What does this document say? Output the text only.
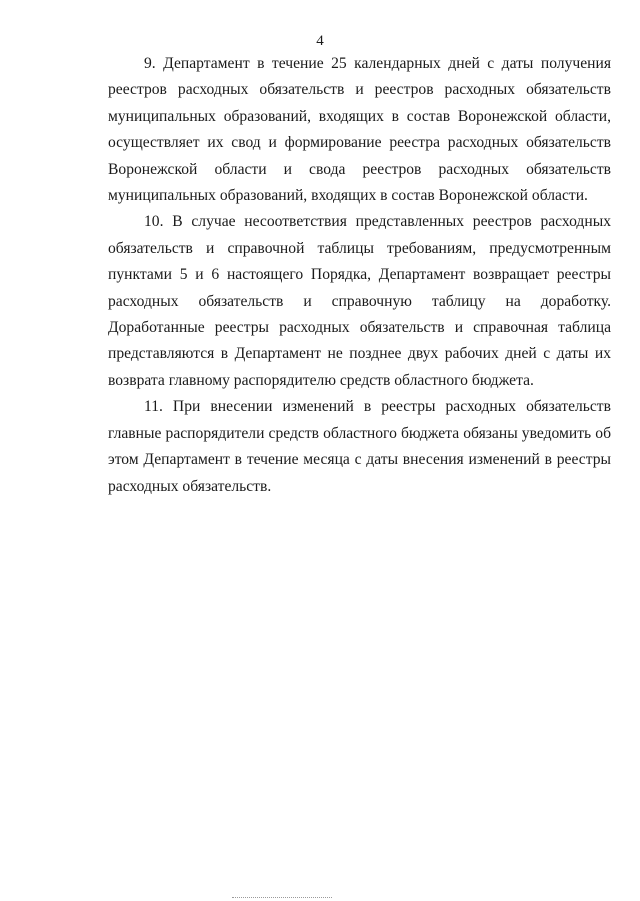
4

9. Департамент в течение 25 календарных дней с даты получения реестров расходных обязательств и реестров расходных обязательств муниципальных образований, входящих в состав Воронежской области, осуществляет их свод и формирование реестра расходных обязательств Воронежской области и свода реестров расходных обязательств муниципальных образований, входящих в состав Воронежской области.

10. В случае несоответствия представленных реестров расходных обязательств и справочной таблицы требованиям, предусмотренным пунктами 5 и 6 настоящего Порядка, Департамент возвращает реестры расходных обязательств и справочную таблицу на доработку. Доработанные реестры расходных обязательств и справочная таблица представляются в Департамент не позднее двух рабочих дней с даты их возврата главному распорядителю средств областного бюджета.

11. При внесении изменений в реестры расходных обязательств главные распорядители средств областного бюджета обязаны уведомить об этом Департамент в течение месяца с даты внесения изменений в реестры расходных обязательств.
